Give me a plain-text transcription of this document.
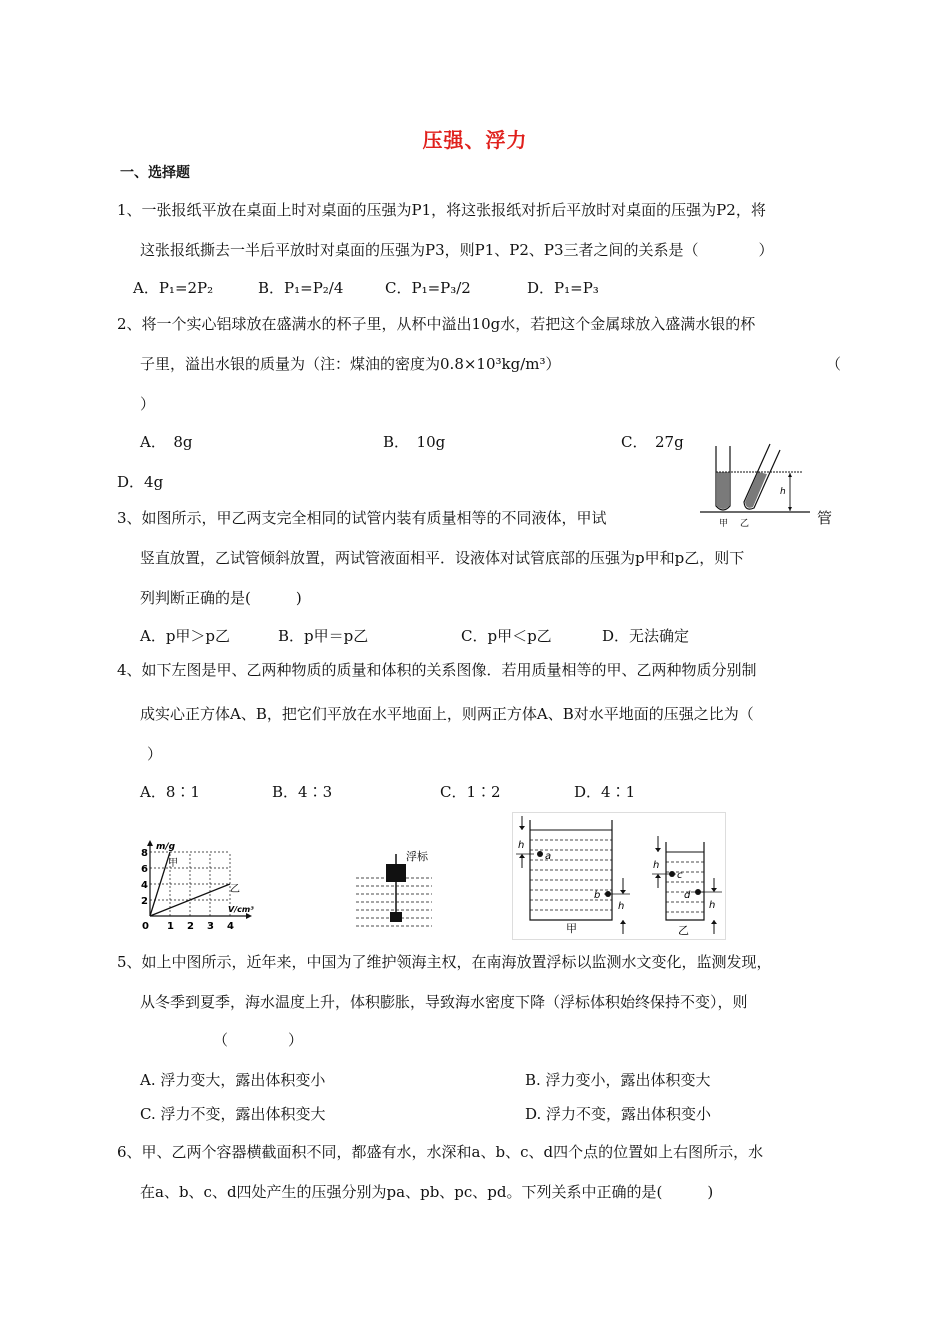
压强、浮力
一、选择题
1、一张报纸平放在桌面上时对桌面的压强为P1，将这张报纸对折后平放时对桌面的压强为P2，将
这张报纸撕去一半后平放时对桌面的压强为P3，则P1、P2、P3三者之间的关系是（　　　　）
A．P₁=2P₂	B．P₁=P₂/4	C．P₁=P₃/2	D．P₁=P₃
2、将一个实心铝球放在盛满水的杯子里，从杯中溢出10g水，若把这个金属球放入盛满水银的杯
子里，溢出水银的质量为（注：煤油的密度为0.8×10³kg/m³）	（
）
A．　8g	B．　10g	C．　27g
D．4g
h
甲 乙
3、如图所示，甲乙两支完全相同的试管内装有质量相等的不同液体，甲试	管
竖直放置，乙试管倾斜放置，两试管液面相平．设液体对试管底部的压强为p甲和p乙，则下
列判断正确的是(　　　)
A．p甲＞p乙	B．p甲＝p乙	C．p甲＜p乙	D．无法确定
4、如下左图是甲、乙两种物质的质量和体积的关系图像．若用质量相等的甲、乙两种物质分别制
成实心正方体A、B，把它们平放在水平地面上，则两正方体A、B对水平地面的压强之比为（
）
A．8∶1	B．4∶3	C．1∶2	D．4∶1
8
6
4
2
0 1 2 3 4
m/g
V/cm³
甲
乙
浮标
h
a
b
h
甲
h
c
d
h
乙
5、如上中图所示，近年来，中国为了维护领海主权，在南海放置浮标以监测水文变化，监测发现，
从冬季到夏季，海水温度上升，体积膨胀，导致海水密度下降（浮标体积始终保持不变），则
（　　　　）
A. 浮力变大，露出体积变小	B. 浮力变小，露出体积变大
C. 浮力不变，露出体积变大	D. 浮力不变，露出体积变小
6、甲、乙两个容器横截面积不同，都盛有水，水深和a、b、c、d四个点的位置如上右图所示，水
在a、b、c、d四处产生的压强分别为pa、pb、pc、pd。下列关系中正确的是(　　　)
